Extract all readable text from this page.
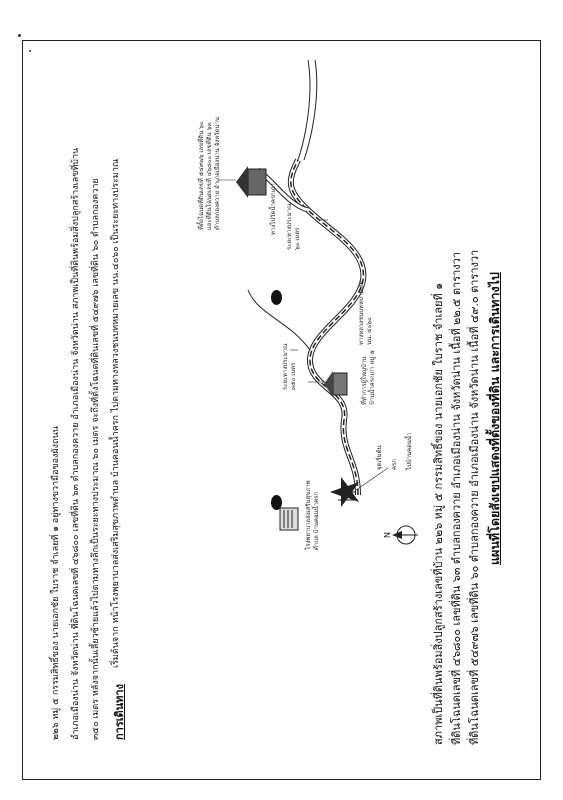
แผนที่โดยสังเขปแสดงที่ตั้งของที่ดิน และการเดินทางไป
ที่ดินโฉนดเลขที่ ๕๔๙๗๖ เลขที่ดิน ๖๐ ตำบลกองควาย อำเภอเมืองน่าน จังหวัดน่าน เนื้อที่ ๔๙.๐ ตารางวา
ที่ดินโฉนดเลขที่ ๔๖๘๐๐ เลขที่ดิน ๖๓ ตำบลกองควาย อำเภอเมืองน่าน จังหวัดน่าน เนื้อที่ ๒๒.๕ ตารางวา
สภาพเป็นที่ดินพร้อมสิ่งปลูกสร้างเลขที่บ้าน ๒๒๖ หมู่ ๕ กรรมสิทธิ์ของ นายเอกชัย ใบราช จำเลยที่ ๑
ไปบ้านคอนน้ำ
ครก
โรงพยาบาลส่งเสริมสุขภาพ
ตำบล บ้านคอนน้ำครก
จุดเริ่มต้น
ที่ทำการผู้ใหญ่บ้าน
บ้านน้ำครกเก่า หมู่ ๕
ทางหลวงชนบทหมายเลข
นน. ๔๐๖๐
ระยะทางประมาณ
๓๕๐ เมตร
ระยะทางประมาณ
๖๐ เมตร
ทางไปวัดน้ำครกเก่า
ที่ตั้งโฉนดที่ดินเลขที่ ๕๔๙๗๖ เลขที่ดิน ๖๐
และที่ดินโฉนดเลขที่ ๔๖๘๐๐ เลขที่ดิน ๖๓
ตำบลกองควาย อำเภอเมืองน่าน จังหวัดน่าน
N
การเดินทาง
เริ่มต้นจาก หน้าโรงพยาบาลส่งเสริมสุขภาพตำบล บ้านคอนน้ำครก ไปตามทางหลวงชนบทหมายเลข นน.๔๐๖๐ เป็นระยะทางประมาณ
๓๕๐ เมตร หลังจากนั้นเลี้ยวซ้ายแล้วไปตามทางลึกเป็นระยะทางประมาณ ๖๐ เมตร จะถึงที่ตั้งโฉนดที่ดินเลขที่ ๕๔๙๗๖ เลขที่ดิน ๖๐ ตำบลกองควาย
อำเภอเมืองน่าน จังหวัดน่าน ที่ดินโฉนดเลขที่ ๔๖๘๐๐ เลขที่ดิน ๖๓ ตำบลกองควาย อำเภอเมืองน่าน จังหวัดน่าน สภาพเป็นที่ดินพร้อมสิ่งปลูกสร้างเลขที่บ้าน
๒๒๖ หมู่ ๕ กรรมสิทธิ์ของ นายเอกชัย ใบราช จำเลยที่ ๑ อยู่ทางขวามือของผังถนน
